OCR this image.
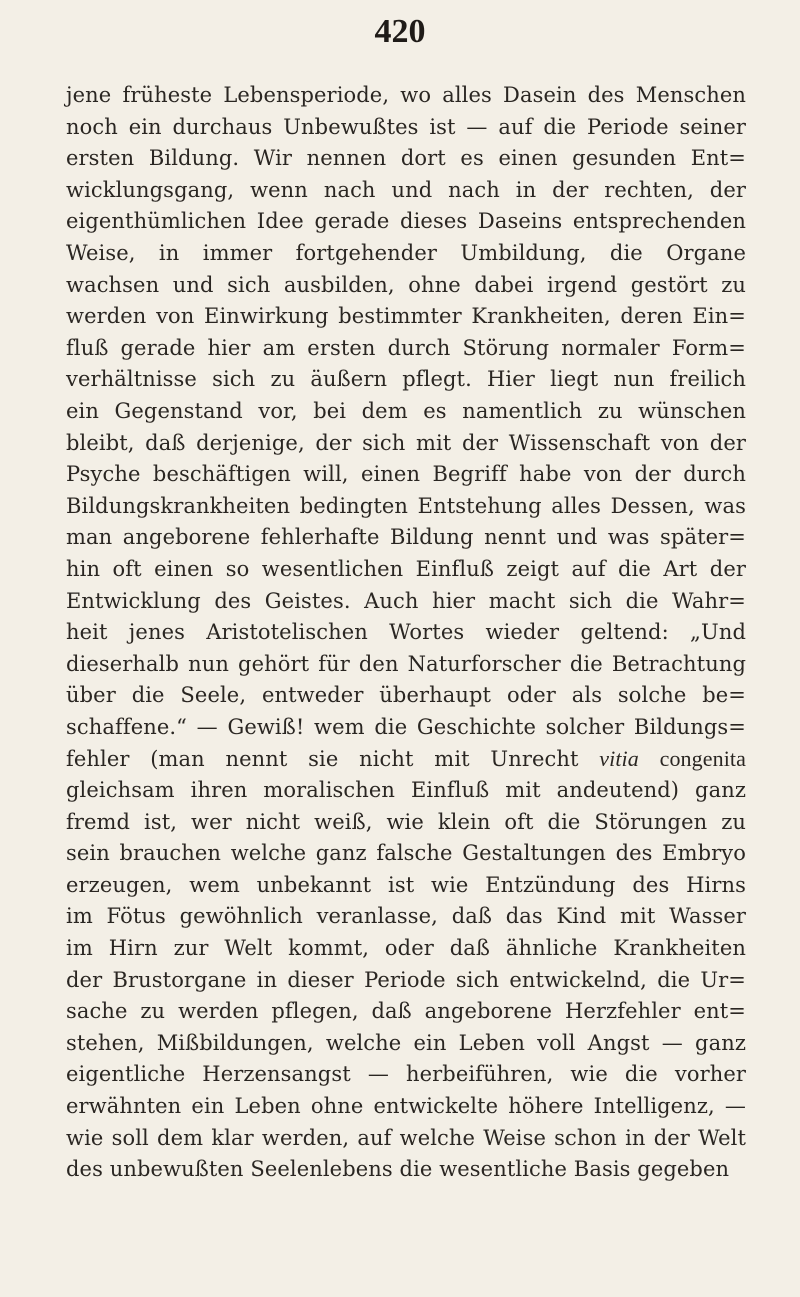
420
jene früheste Lebensperiode, wo alles Dasein des Menschen
noch ein durchaus Unbewußtes ist — auf die Periode seiner
ersten Bildung. Wir nennen dort es einen gesunden Ent=
wicklungsgang, wenn nach und nach in der rechten, der
eigenthümlichen Idee gerade dieses Daseins entsprechenden
Weise, in immer fortgehender Umbildung, die Organe
wachsen und sich ausbilden, ohne dabei irgend gestört zu
werden von Einwirkung bestimmter Krankheiten, deren Ein=
fluß gerade hier am ersten durch Störung normaler Form=
verhältnisse sich zu äußern pflegt. Hier liegt nun freilich
ein Gegenstand vor, bei dem es namentlich zu wünschen
bleibt, daß derjenige, der sich mit der Wissenschaft von der
Psyche beschäftigen will, einen Begriff habe von der durch
Bildungskrankheiten bedingten Entstehung alles Dessen, was
man angeborene fehlerhafte Bildung nennt und was später=
hin oft einen so wesentlichen Einfluß zeigt auf die Art der
Entwicklung des Geistes. Auch hier macht sich die Wahr=
heit jenes Aristotelischen Wortes wieder geltend: „Und
dieserhalb nun gehört für den Naturforscher die Betrachtung
über die Seele, entweder überhaupt oder als solche be=
schaffene.“ — Gewiß! wem die Geschichte solcher Bildungs=
fehler (man nennt sie nicht mit Unrecht vitia congenita
gleichsam ihren moralischen Einfluß mit andeutend) ganz
fremd ist, wer nicht weiß, wie klein oft die Störungen zu
sein brauchen welche ganz falsche Gestaltungen des Embryo
erzeugen, wem unbekannt ist wie Entzündung des Hirns
im Fötus gewöhnlich veranlasse, daß das Kind mit Wasser
im Hirn zur Welt kommt, oder daß ähnliche Krankheiten
der Brustorgane in dieser Periode sich entwickelnd, die Ur=
sache zu werden pflegen, daß angeborene Herzfehler ent=
stehen, Mißbildungen, welche ein Leben voll Angst — ganz
eigentliche Herzensangst — herbeiführen, wie die vorher
erwähnten ein Leben ohne entwickelte höhere Intelligenz, —
wie soll dem klar werden, auf welche Weise schon in der Welt
des unbewußten Seelenlebens die wesentliche Basis gegeben
